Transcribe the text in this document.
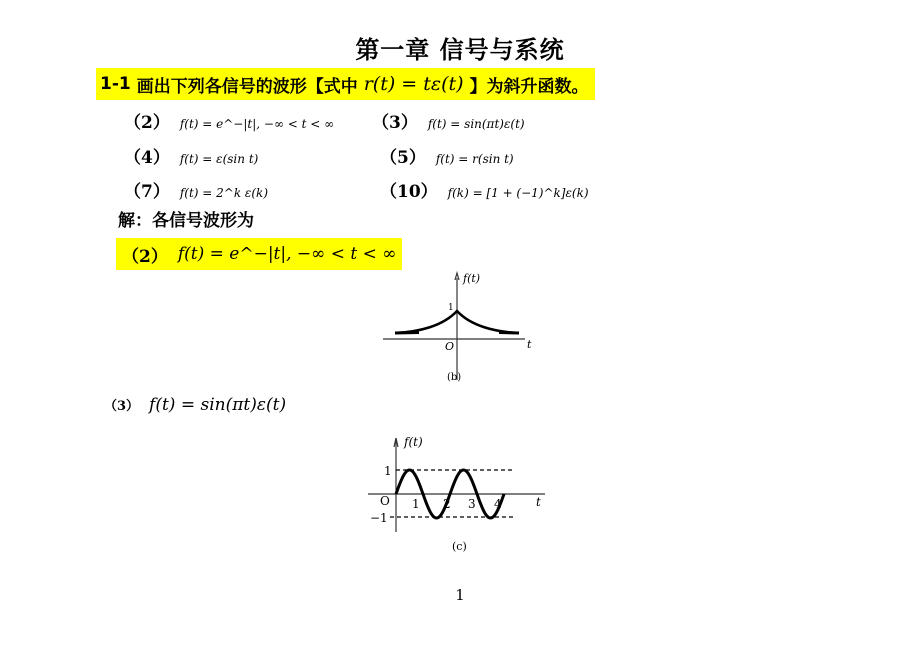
第一章 信号与系统
1-1 画出下列各信号的波形【式中 r(t) = tε(t) 】为斜升函数。
（2） f(t) = e^−|t|, −∞ < t < ∞ （3） f(t) = sin(πt)ε(t)
（4） f(t) = ε(sin t)	（5） f(t) = r(sin t)
（7） f(t) = 2^k ε(k)	（10） f(k) = [1 + (−1)^k]ε(k)
解：各信号波形为
（2） f(t) = e^−|t|, −∞ < t < ∞
f(t)
t
O
1
(b)
（3） f(t) = sin(πt)ε(t)
f(t)
t
O
1
−1
1 2 3 4
(c)
1
